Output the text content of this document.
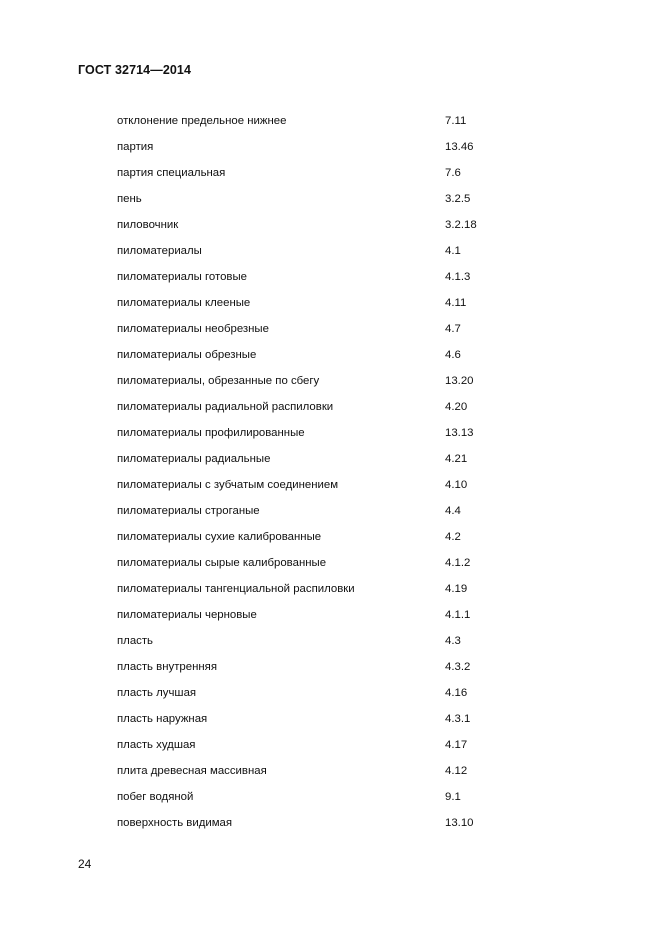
ГОСТ 32714—2014
отклонение предельное нижнее	7.11
партия	13.46
партия специальная	7.6
пень	3.2.5
пиловочник	3.2.18
пиломатериалы	4.1
пиломатериалы готовые	4.1.3
пиломатериалы клееные	4.11
пиломатериалы необрезные	4.7
пиломатериалы обрезные	4.6
пиломатериалы, обрезанные по сбегу	13.20
пиломатериалы радиальной распиловки	4.20
пиломатериалы профилированные	13.13
пиломатериалы радиальные	4.21
пиломатериалы с зубчатым соединением	4.10
пиломатериалы строганые	4.4
пиломатериалы сухие калиброванные	4.2
пиломатериалы сырые калиброванные	4.1.2
пиломатериалы тангенциальной распиловки	4.19
пиломатериалы черновые	4.1.1
пласть	4.3
пласть внутренняя	4.3.2
пласть лучшая	4.16
пласть наружная	4.3.1
пласть худшая	4.17
плита древесная массивная	4.12
побег водяной	9.1
поверхность видимая	13.10
24
